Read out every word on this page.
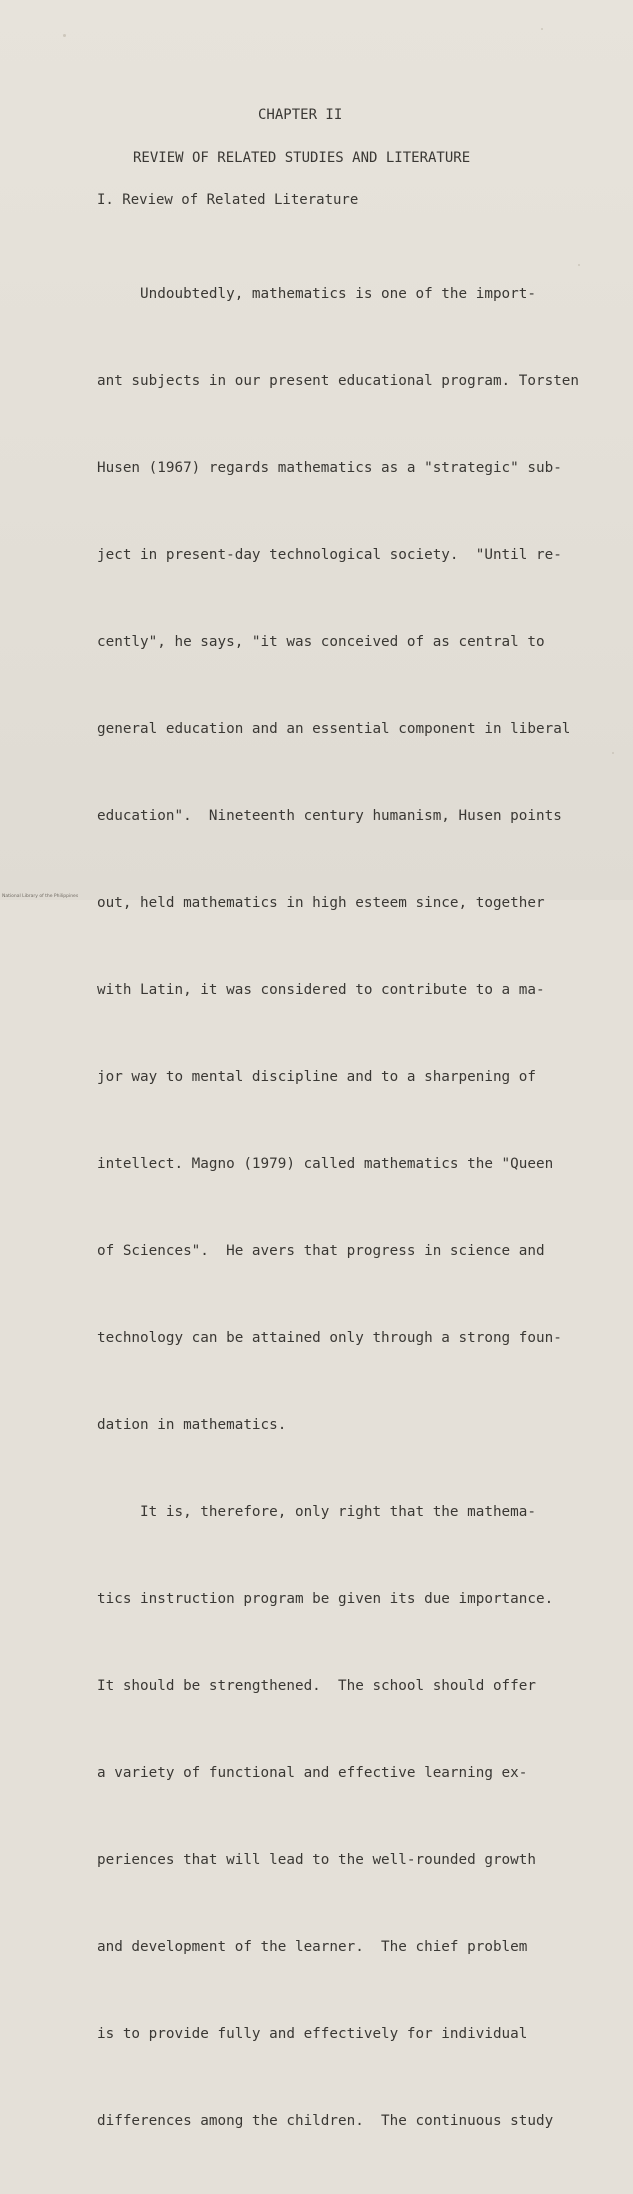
CHAPTER II

REVIEW OF RELATED STUDIES AND LITERATURE

I. Review of Related Literature

Undoubtedly, mathematics is one of the import-

ant subjects in our present educational program. Torsten

Husen (1967) regards mathematics as a "strategic" sub-

ject in present-day technological society.  "Until re-

cently", he says, "it was conceived of as central to

general education and an essential component in liberal

education".  Nineteenth century humanism, Husen points

out, held mathematics in high esteem since, together

with Latin, it was considered to contribute to a ma-

jor way to mental discipline and to a sharpening of

intellect. Magno (1979) called mathematics the "Queen

of Sciences".  He avers that progress in science and

technology can be attained only through a strong foun-

dation in mathematics.

It is, therefore, only right that the mathema-

tics instruction program be given its due importance.

It should be strengthened.  The school should offer

a variety of functional and effective learning ex-

periences that will lead to the well-rounded growth

and development of the learner.  The chief problem

is to provide fully and effectively for individual

differences among the children.  The continuous study

National Library of the Philippines
